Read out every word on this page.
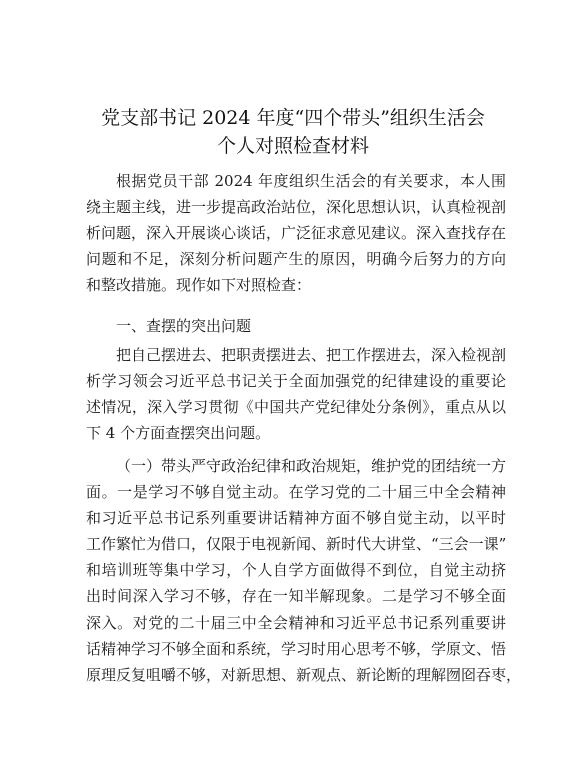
党支部书记 2024 年度“四个带头”组织生活会
个人对照检查材料
根据党员干部 2024 年度组织生活会的有关要求，本人围
绕主题主线，进一步提高政治站位，深化思想认识，认真检视剖
析问题，深入开展谈心谈话，广泛征求意见建议。深入查找存在
问题和不足，深刻分析问题产生的原因，明确今后努力的方向
和整改措施。现作如下对照检查：
一、查摆的突出问题
把自己摆进去、把职责摆进去、把工作摆进去，深入检视剖
析学习领会习近平总书记关于全面加强党的纪律建设的重要论
述情况，深入学习贯彻《中国共产党纪律处分条例》，重点从以
下 4 个方面查摆突出问题。
（一）带头严守政治纪律和政治规矩，维护党的团结统一方
面。一是学习不够自觉主动。在学习党的二十届三中全会精神
和习近平总书记系列重要讲话精神方面不够自觉主动，以平时
工作繁忙为借口，仅限于电视新闻、新时代大讲堂、“三会一课”
和培训班等集中学习，个人自学方面做得不到位，自觉主动挤
出时间深入学习不够，存在一知半解现象。二是学习不够全面
深入。对党的二十届三中全会精神和习近平总书记系列重要讲
话精神学习不够全面和系统，学习时用心思考不够，学原文、悟
原理反复咀嚼不够，对新思想、新观点、新论断的理解囫囵吞枣，
